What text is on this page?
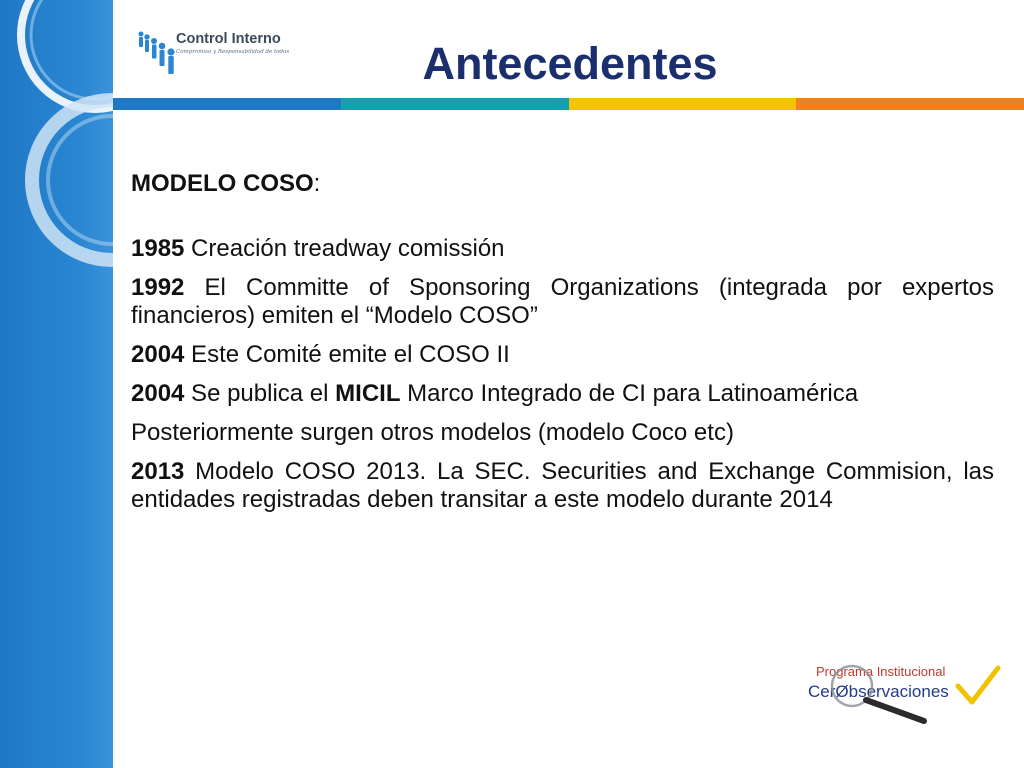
Control Interno
Compromiso y Responsabilidad de todos	Antecedentes

MODELO COSO:

1985 Creación treadway comissión

1992 El Committe of Sponsoring Organizations (integrada por expertos financieros) emiten el “Modelo COSO”

2004 Este Comité emite el COSO II

2004 Se publica el MICIL Marco Integrado de CI para Latinoamérica

Posteriormente surgen otros modelos (modelo Coco etc)

2013 Modelo COSO 2013. La SEC. Securities and Exchange Commision, las entidades registradas deben transitar a este modelo durante 2014

Programa Institucional
CerØbservaciones
